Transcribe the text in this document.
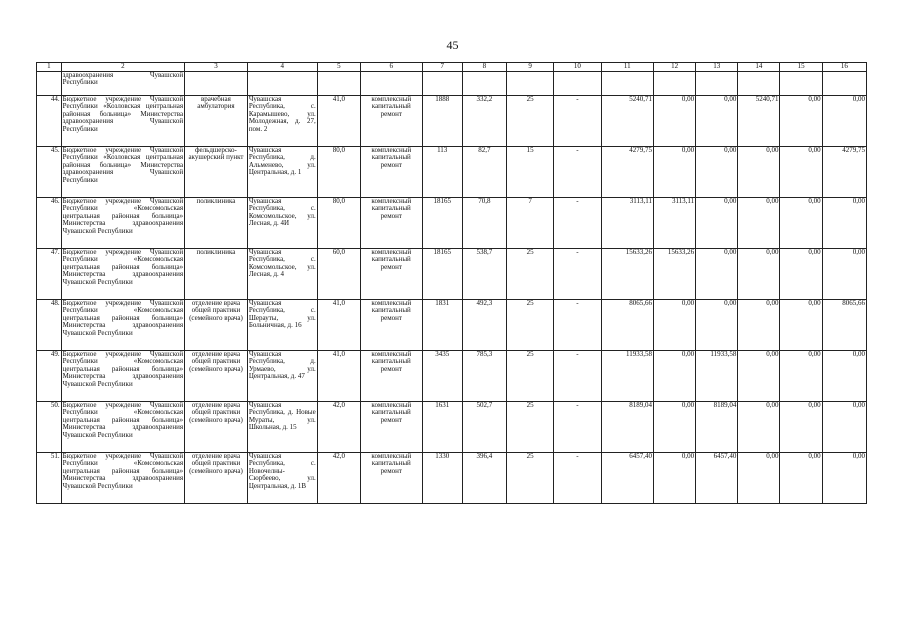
45
1	2	3	4	5	6	7	8	9	10	11	12	13	14	15	16
	здравоохранения Чувашской Республики														
44.	Бюджетное учреждение Чувашской Республики «Козловская центральная районная больница» Министерства здравоохранения Чувашской Республики	врачебная амбулатория	Чувашская Республика, с. Карамышево, ул. Молодежная, д. 27, пом. 2	41,0	комплексный капитальный ремонт	1888	332,2	25	-	5240,71	0,00	0,00	5240,71	0,00	0,00
45.	Бюджетное учреждение Чувашской Республики «Козловская центральная районная больница» Министерства здравоохранения Чувашской Республики	фельдшерско-акушерский пункт	Чувашская Республика, д. Альменево, ул. Центральная, д. 1	80,0	комплексный капитальный ремонт	113	82,7	15	-	4279,75	0,00	0,00	0,00	0,00	4279,75
46.	Бюджетное учреждение Чувашской Республики «Комсомольская центральная районная больница» Министерства здравоохранения Чувашской Республики	поликлиника	Чувашская Республика, с. Комсомольское, ул. Лесная, д. 4И	80,0	комплексный капитальный ремонт	18165	70,8	7	-	3113,11	3113,11	0,00	0,00	0,00	0,00
47.	Бюджетное учреждение Чувашской Республики «Комсомольская центральная районная больница» Министерства здравоохранения Чувашской Республики	поликлиника	Чувашская Республика, с. Комсомольское, ул. Лесная, д. 4	60,0	комплексный капитальный ремонт	18165	538,7	25	-	15633,26	15633,26	0,00	0,00	0,00	0,00
48.	Бюджетное учреждение Чувашской Республики «Комсомольская центральная районная больница» Министерства здравоохранения Чувашской Республики	отделение врача общей практики (семейного врача)	Чувашская Республика, с. Шерауты, ул. Больничная, д. 16	41,0	комплексный капитальный ремонт	1831	492,3	25	-	8065,66	0,00	0,00	0,00	0,00	8065,66
49.	Бюджетное учреждение Чувашской Республики «Комсомольская центральная районная больница» Министерства здравоохранения Чувашской Республики	отделение врача общей практики (семейного врача)	Чувашская Республика, д. Урмаево, ул. Центральная, д. 47	41,0	комплексный капитальный ремонт	3435	785,3	25	-	11933,58	0,00	11933,58	0,00	0,00	0,00
50.	Бюджетное учреждение Чувашской Республики «Комсомольская центральная районная больница» Министерства здравоохранения Чувашской Республики	отделение врача общей практики (семейного врача)	Чувашская Республика, д. Новые Мураты, ул. Школьная, д. 15	42,0	комплексный капитальный ремонт	1631	502,7	25	-	8189,04	0,00	8189,04	0,00	0,00	0,00
51.	Бюджетное учреждение Чувашской Республики «Комсомольская центральная районная больница» Министерства здравоохранения Чувашской Республики	отделение врача общей практики (семейного врача)	Чувашская Республика, с. Новочелны-Сюрбеево, ул. Центральная, д. 1В	42,0	комплексный капитальный ремонт	1330	396,4	25	-	6457,40	0,00	6457,40	0,00	0,00	0,00
